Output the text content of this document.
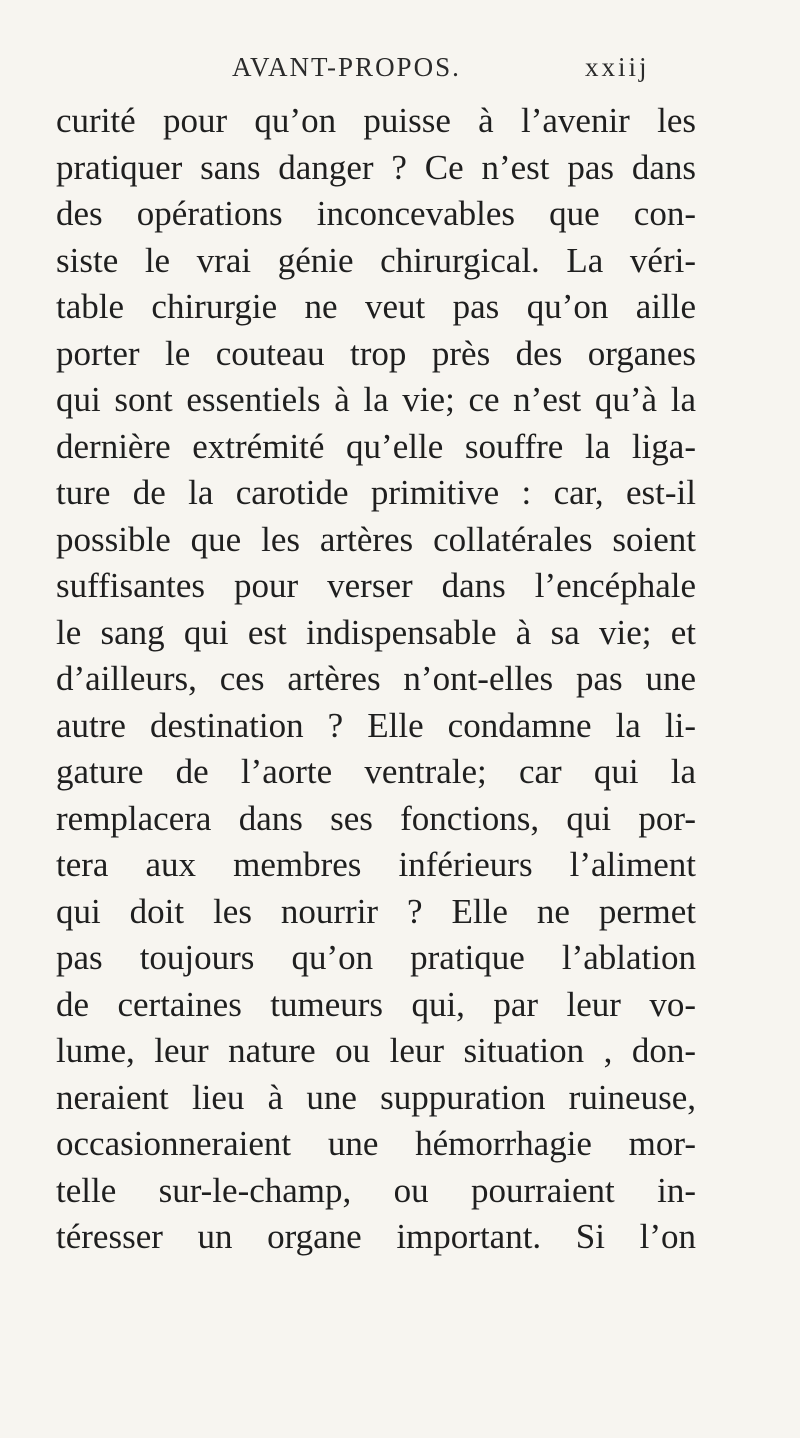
AVANT-PROPOS.	xxiij
curité pour qu’on puisse à l’avenir les
pratiquer sans danger ? Ce n’est pas dans
des opérations inconcevables que con-
siste le vrai génie chirurgical. La véri-
table chirurgie ne veut pas qu’on aille
porter le couteau trop près des organes
qui sont essentiels à la vie; ce n’est qu’à la
dernière extrémité qu’elle souffre la liga-
ture de la carotide primitive : car, est-il
possible que les artères collatérales soient
suffisantes pour verser dans l’encéphale
le sang qui est indispensable à sa vie; et
d’ailleurs, ces artères n’ont-elles pas une
autre destination ? Elle condamne la li-
gature de l’aorte ventrale; car qui la
remplacera dans ses fonctions, qui por-
tera aux membres inférieurs l’aliment
qui doit les nourrir ? Elle ne permet
pas toujours qu’on pratique l’ablation
de certaines tumeurs qui, par leur vo-
lume, leur nature ou leur situation , don-
neraient lieu à une suppuration ruineuse,
occasionneraient une hémorrhagie mor-
telle sur-le-champ, ou pourraient in-
téresser un organe important. Si l’on
